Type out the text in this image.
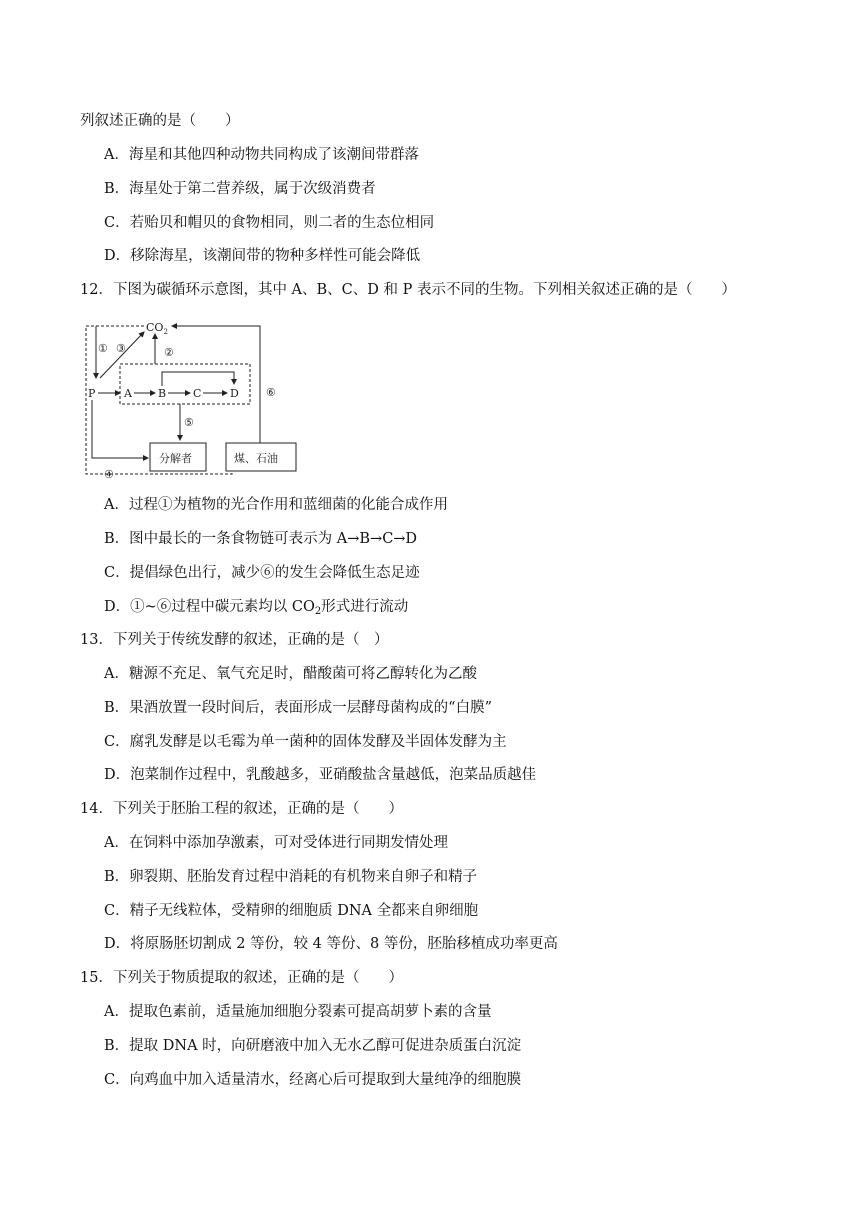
列叙述正确的是（　　）
A．海星和其他四种动物共同构成了该潮间带群落
B．海星处于第二营养级，属于次级消费者
C．若贻贝和帽贝的食物相同，则二者的生态位相同
D．移除海星，该潮间带的物种多样性可能会降低
12．下图为碳循环示意图，其中 A、B、C、D 和 P 表示不同的生物。下列相关叙述正确的是（　　）
$CO_2$
① ③	②
P	A B C	D
⑤
分解者	煤、石油
⑥
④
A．过程①为植物的光合作用和蓝细菌的化能合成作用
B．图中最长的一条食物链可表示为 A→B→C→D
C．提倡绿色出行，减少⑥的发生会降低生态足迹
D．①~⑥过程中碳元素均以 $CO_2$形式进行流动
13．下列关于传统发酵的叙述，正确的是（　）
A．糖源不充足、氧气充足时，醋酸菌可将乙醇转化为乙酸
B．果酒放置一段时间后，表面形成一层酵母菌构成的“白膜”
C．腐乳发酵是以毛霉为单一菌种的固体发酵及半固体发酵为主
D．泡菜制作过程中，乳酸越多，亚硝酸盐含量越低，泡菜品质越佳
14．下列关于胚胎工程的叙述，正确的是（　　）
A．在饲料中添加孕激素，可对受体进行同期发情处理
B．卵裂期、胚胎发育过程中消耗的有机物来自卵子和精子
C．精子无线粒体，受精卵的细胞质 DNA 全都来自卵细胞
D．将原肠胚切割成 2 等份，较 4 等份、8 等份，胚胎移植成功率更高
15．下列关于物质提取的叙述，正确的是（　　）
A．提取色素前，适量施加细胞分裂素可提高胡萝卜素的含量
B．提取 DNA 时，向研磨液中加入无水乙醇可促进杂质蛋白沉淀
C．向鸡血中加入适量清水，经离心后可提取到大量纯净的细胞膜
